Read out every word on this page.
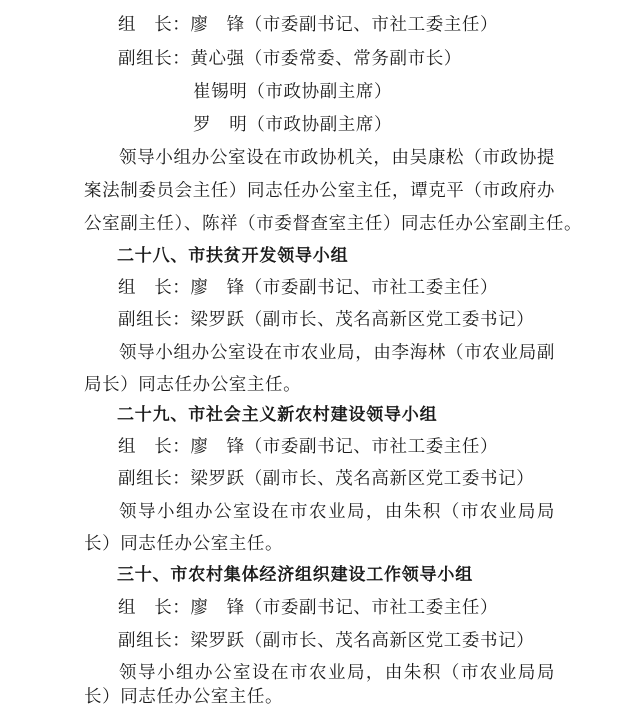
组　长：廖　锋（市委副书记、市社工委主任）
副组长：黄心强（市委常委、常务副市长）
崔锡明（市政协副主席）
罗　明（市政协副主席）
领导小组办公室设在市政协机关，由吴康松（市政协提
案法制委员会主任）同志任办公室主任，谭克平（市政府办
公室副主任）、陈祥（市委督查室主任）同志任办公室副主任。
二十八、市扶贫开发领导小组
组　长：廖　锋（市委副书记、市社工委主任）
副组长：梁罗跃（副市长、茂名高新区党工委书记）
领导小组办公室设在市农业局，由李海林（市农业局副
局长）同志任办公室主任。
二十九、市社会主义新农村建设领导小组
组　长：廖　锋（市委副书记、市社工委主任）
副组长：梁罗跃（副市长、茂名高新区党工委书记）
领导小组办公室设在市农业局，由朱积（市农业局局
长）同志任办公室主任。
三十、市农村集体经济组织建设工作领导小组
组　长：廖　锋（市委副书记、市社工委主任）
副组长：梁罗跃（副市长、茂名高新区党工委书记）
领导小组办公室设在市农业局，由朱积（市农业局局
长）同志任办公室主任。
